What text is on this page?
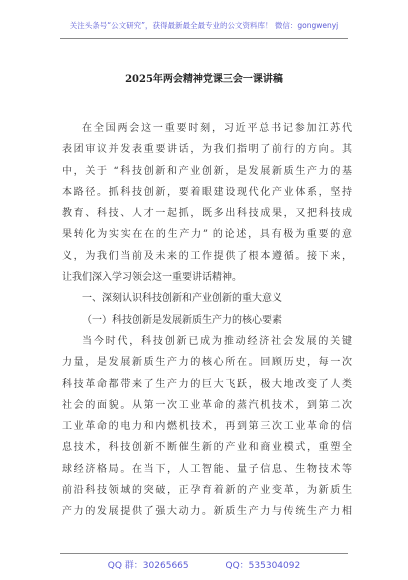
关注头条号“公文研究”，获得最新最全最专业的公文资料库！ 微信：gongwenyj
2025年两会精神党课三会一课讲稿
在全国两会这一重要时刻，习近平总书记参加江苏代
表团审议并发表重要讲话，为我们指明了前行的方向。其
中，关于 “科技创新和产业创新，是发展新质生产力的基
本路径。抓科技创新，要着眼建设现代化产业体系，坚持
教育、科技、人才一起抓，既多出科技成果，又把科技成
果转化为实实在在的生产力” 的论述，具有极为重要的意
义，为我们当前及未来的工作提供了根本遵循。接下来，
让我们深入学习领会这一重要讲话精神。
一、深刻认识科技创新和产业创新的重大意义
（一）科技创新是发展新质生产力的核心要素
当今时代，科技创新已成为推动经济社会发展的关键
力量，是发展新质生产力的核心所在。回顾历史，每一次
科技革命都带来了生产力的巨大飞跃，极大地改变了人类
社会的面貌。从第一次工业革命的蒸汽机技术，到第二次
工业革命的电力和内燃机技术，再到第三次工业革命的信
息技术，科技创新不断催生新的产业和商业模式，重塑全
球经济格局。在当下，人工智能、量子信息、生物技术等
前沿科技领域的突破，正孕育着新的产业变革，为新质生
产力的发展提供了强大动力。新质生产力与传统生产力相
QQ 群：30265665	QQ：535304092
